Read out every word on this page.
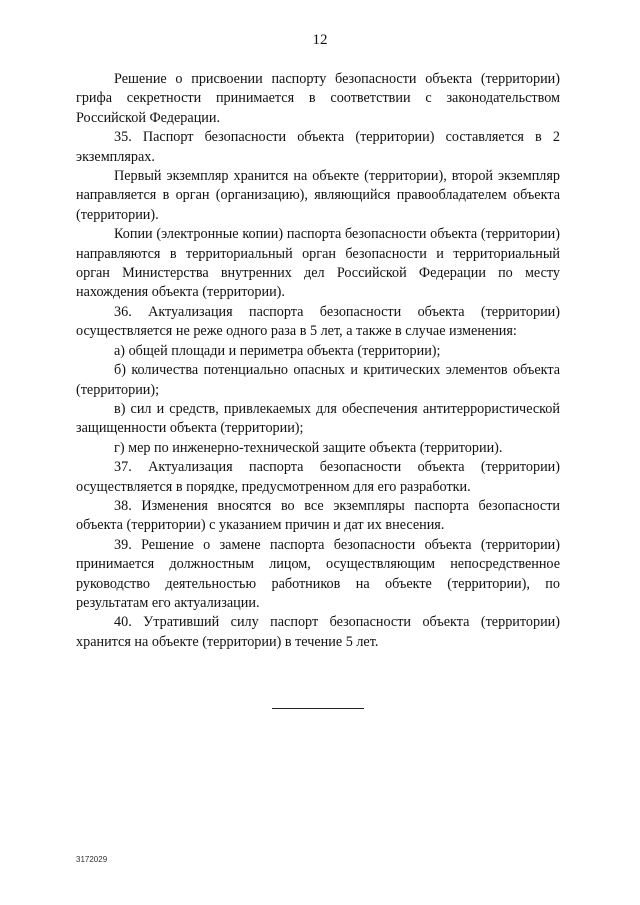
12

Решение о присвоении паспорту безопасности объекта (территории) грифа секретности принимается в соответствии с законодательством Российской Федерации.

35. Паспорт безопасности объекта (территории) составляется в 2 экземплярах.

Первый экземпляр хранится на объекте (территории), второй экземпляр направляется в орган (организацию), являющийся правообладателем объекта (территории).

Копии (электронные копии) паспорта безопасности объекта (территории) направляются в территориальный орган безопасности и территориальный орган Министерства внутренних дел Российской Федерации по месту нахождения объекта (территории).

36. Актуализация паспорта безопасности объекта (территории) осуществляется не реже одного раза в 5 лет, а также в случае изменения:

а) общей площади и периметра объекта (территории);

б) количества потенциально опасных и критических элементов объекта (территории);

в) сил и средств, привлекаемых для обеспечения антитеррористической защищенности объекта (территории);

г) мер по инженерно-технической защите объекта (территории).

37. Актуализация паспорта безопасности объекта (территории) осуществляется в порядке, предусмотренном для его разработки.

38. Изменения вносятся во все экземпляры паспорта безопасности объекта (территории) с указанием причин и дат их внесения.

39. Решение о замене паспорта безопасности объекта (территории) принимается должностным лицом, осуществляющим непосредственное руководство деятельностью работников на объекте (территории), по результатам его актуализации.

40. Утративший силу паспорт безопасности объекта (территории) хранится на объекте (территории) в течение 5 лет.

3172029
